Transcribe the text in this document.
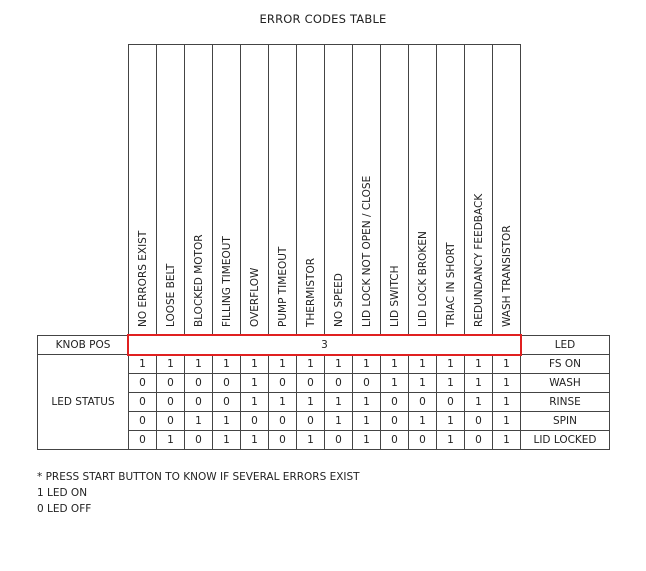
ERROR CODES TABLE

	NO ERRORS EXIST	LOOSE BELT	BLOCKED MOTOR	FILLING TIMEOUT	OVERFLOW	PUMP TIMEOUT	THERMISTOR	NO SPEED	LID LOCK NOT OPEN / CLOSE	LID SWITCH	LID LOCK BROKEN	TRIAC IN SHORT	REDUNDANCY FEEDBACK	WASH TRANSISTOR	

KNOB POS	3														LED
LED STATUS	1	1	1	1	1	1	1	1	1	1	1	1	1	1	FS ON
	0	0	0	0	1	0	0	0	0	1	1	1	1	1	WASH
	0	0	0	0	1	1	1	1	1	0	0	0	1	1	RINSE
	0	0	1	1	0	0	0	1	1	0	1	1	0	1	SPIN
	0	1	0	1	1	0	1	0	1	0	0	1	0	1	LID LOCKED
* PRESS START BUTTON TO KNOW IF SEVERAL ERRORS EXIST
1 LED ON
0 LED OFF
